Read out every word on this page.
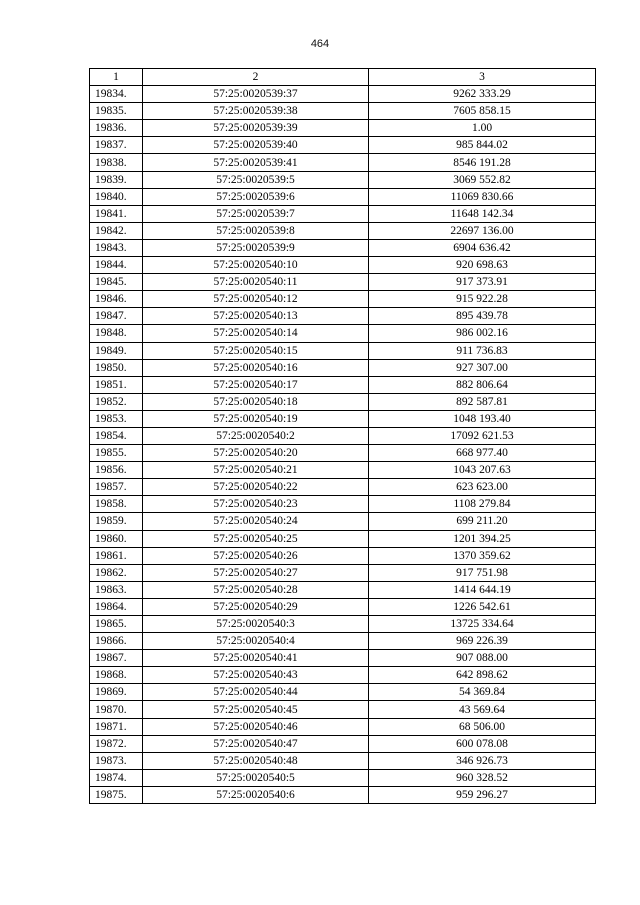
464
1	2	3
19834.	57:25:0020539:37	9262 333.29
19835.	57:25:0020539:38	7605 858.15
19836.	57:25:0020539:39	1.00
19837.	57:25:0020539:40	985 844.02
19838.	57:25:0020539:41	8546 191.28
19839.	57:25:0020539:5	3069 552.82
19840.	57:25:0020539:6	11069 830.66
19841.	57:25:0020539:7	11648 142.34
19842.	57:25:0020539:8	22697 136.00
19843.	57:25:0020539:9	6904 636.42
19844.	57:25:0020540:10	920 698.63
19845.	57:25:0020540:11	917 373.91
19846.	57:25:0020540:12	915 922.28
19847.	57:25:0020540:13	895 439.78
19848.	57:25:0020540:14	986 002.16
19849.	57:25:0020540:15	911 736.83
19850.	57:25:0020540:16	927 307.00
19851.	57:25:0020540:17	882 806.64
19852.	57:25:0020540:18	892 587.81
19853.	57:25:0020540:19	1048 193.40
19854.	57:25:0020540:2	17092 621.53
19855.	57:25:0020540:20	668 977.40
19856.	57:25:0020540:21	1043 207.63
19857.	57:25:0020540:22	623 623.00
19858.	57:25:0020540:23	1108 279.84
19859.	57:25:0020540:24	699 211.20
19860.	57:25:0020540:25	1201 394.25
19861.	57:25:0020540:26	1370 359.62
19862.	57:25:0020540:27	917 751.98
19863.	57:25:0020540:28	1414 644.19
19864.	57:25:0020540:29	1226 542.61
19865.	57:25:0020540:3	13725 334.64
19866.	57:25:0020540:4	969 226.39
19867.	57:25:0020540:41	907 088.00
19868.	57:25:0020540:43	642 898.62
19869.	57:25:0020540:44	54 369.84
19870.	57:25:0020540:45	43 569.64
19871.	57:25:0020540:46	68 506.00
19872.	57:25:0020540:47	600 078.08
19873.	57:25:0020540:48	346 926.73
19874.	57:25:0020540:5	960 328.52
19875.	57:25:0020540:6	959 296.27
